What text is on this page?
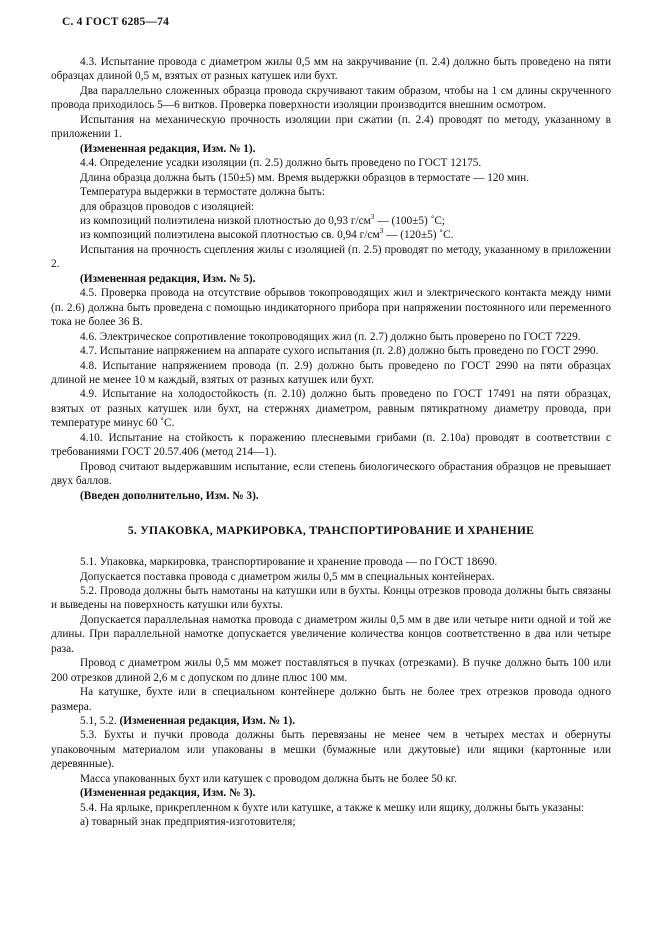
С. 4 ГОСТ 6285—74

4.3. Испытание провода с диаметром жилы 0,5 мм на закручивание (п. 2.4) должно быть проведено на пяти образцах длиной 0,5 м, взятых от разных катушек или бухт.

Два параллельно сложенных образца провода скручивают таким образом, чтобы на 1 см длины скрученного провода приходилось 5—6 витков. Проверка поверхности изоляции производится внешним осмотром.

Испытания на механическую прочность изоляции при сжатии (п. 2.4) проводят по методу, указанному в приложении 1.

(Измененная редакция, Изм. № 1).

4.4. Определение усадки изоляции (п. 2.5) должно быть проведено по ГОСТ 12175.

Длина образца должна быть (150±5) мм. Время выдержки образцов в термостате — 120 мин.

Температура выдержки в термостате должна быть:

для образцов проводов с изоляцией:

из композиций полиэтилена низкой плотностью до 0,93 $г/см^3$ — (100±5) ˚С;

из композиций полиэтилена высокой плотностью св. 0,94 $г/см^3$ — (120±5) ˚С.

Испытания на прочность сцепления жилы с изоляцией (п. 2.5) проводят по методу, указанному в приложении 2.

(Измененная редакция, Изм. № 5).

4.5. Проверка провода на отсутствие обрывов токопроводящих жил и электрического контакта между ними (п. 2.6) должна быть проведена с помощью индикаторного прибора при напряжении постоянного или переменного тока не более 36 В.

4.6. Электрическое сопротивление токопроводящих жил (п. 2.7) должно быть проверено по ГОСТ 7229.

4.7. Испытание напряжением на аппарате сухого испытания (п. 2.8) должно быть проведено по ГОСТ 2990.

4.8. Испытание напряжением провода (п. 2.9) должно быть проведено по ГОСТ 2990 на пяти образцах длиной не менее 10 м каждый, взятых от разных катушек или бухт.

4.9. Испытание на холодостойкость (п. 2.10) должно быть проведено по ГОСТ 17491 на пяти образцах, взятых от разных катушек или бухт, на стержнях диаметром, равным пятикратному диаметру провода, при температуре минус 60 ˚С.

4.10. Испытание на стойкость к поражению плесневыми грибами (п. 2.10а) проводят в соответствии с требованиями ГОСТ 20.57.406 (метод 214—1).

Провод считают выдержавшим испытание, если степень биологического обрастания образцов не превышает двух баллов.

(Введен дополнительно, Изм. № 3).

5. УПАКОВКА, МАРКИРОВКА, ТРАНСПОРТИРОВАНИЕ И ХРАНЕНИЕ

5.1. Упаковка, маркировка, транспортирование и хранение провода — по ГОСТ 18690.

Допускается поставка провода с диаметром жилы 0,5 мм в специальных контейнерах.

5.2. Провода должны быть намотаны на катушки или в бухты. Концы отрезков провода должны быть связаны и выведены на поверхность катушки или бухты.

Допускается параллельная намотка провода с диаметром жилы 0,5 мм в две или четыре нити одной и той же длины. При параллельной намотке допускается увеличение количества концов соответственно в два или четыре раза.

Провод с диаметром жилы 0,5 мм может поставляться в пучках (отрезками). В пучке должно быть 100 или 200 отрезков длиной 2,6 м с допуском по длине плюс 100 мм.

На катушке, бухте или в специальном контейнере должно быть не более трех отрезков провода одного размера.

5.1, 5.2. (Измененная редакция, Изм. № 1).

5.3. Бухты и пучки провода должны быть перевязаны не менее чем в четырех местах и обернуты упаковочным материалом или упакованы в мешки (бумажные или джутовые) или ящики (картонные или деревянные).

Масса упакованных бухт или катушек с проводом должна быть не более 50 кг.

(Измененная редакция, Изм. № 3).

5.4. На ярлыке, прикрепленном к бухте или катушке, а также к мешку или ящику, должны быть указаны:

а) товарный знак предприятия-изготовителя;
